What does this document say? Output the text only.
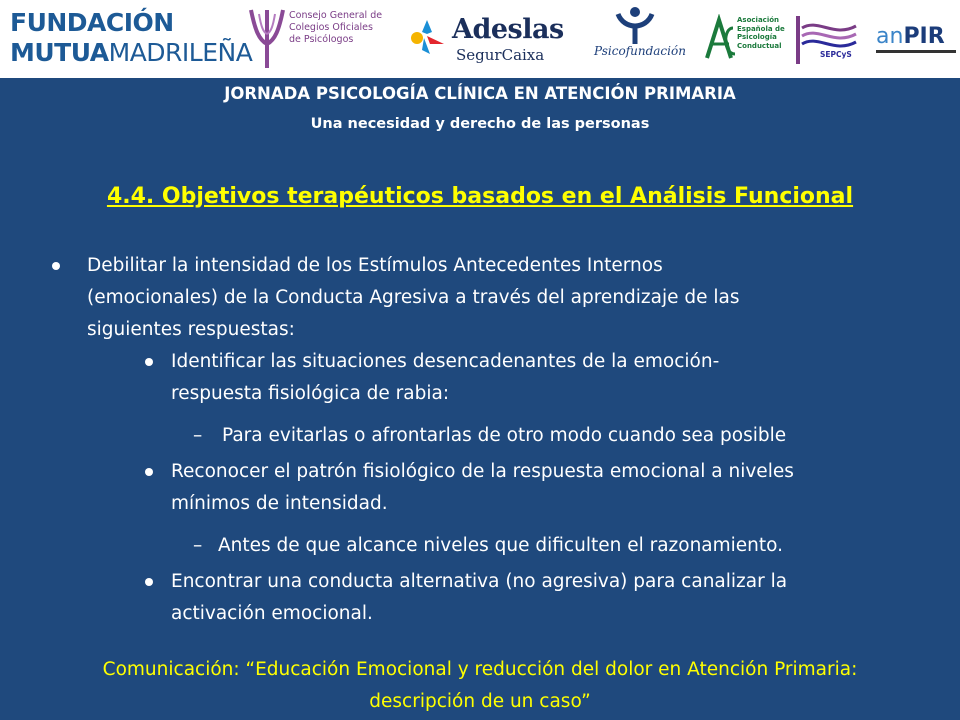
FUNDACIÓN
MUTUAMADRILEÑA
Consejo General de
Colegios Oficiales
de Psicólogos	Adeslas
SegurCaixa	Psicofundación
Asociación
Española de
Psicología
Conductual
SEPCyS
anPIR
JORNADA PSICOLOGÍA CLÍNICA EN ATENCIÓN PRIMARIA
Una necesidad y derecho de las personas
4.4. Objetivos terapéuticos basados en el Análisis Funcional
Debilitar la intensidad de los Estímulos Antecedentes Internos
(emocionales) de la Conducta Agresiva a través del aprendizaje de las
siguientes respuestas:
Identificar las situaciones desencadenantes de la emoción-
respuesta fisiológica de rabia:
– Para evitarlas o afrontarlas de otro modo cuando sea posible
Reconocer el patrón fisiológico de la respuesta emocional a niveles
mínimos de intensidad.
– Antes de que alcance niveles que dificulten el razonamiento.
Encontrar una conducta alternativa (no agresiva) para canalizar la
activación emocional.
Comunicación: “Educación Emocional y reducción del dolor en Atención Primaria:
descripción de un caso”
